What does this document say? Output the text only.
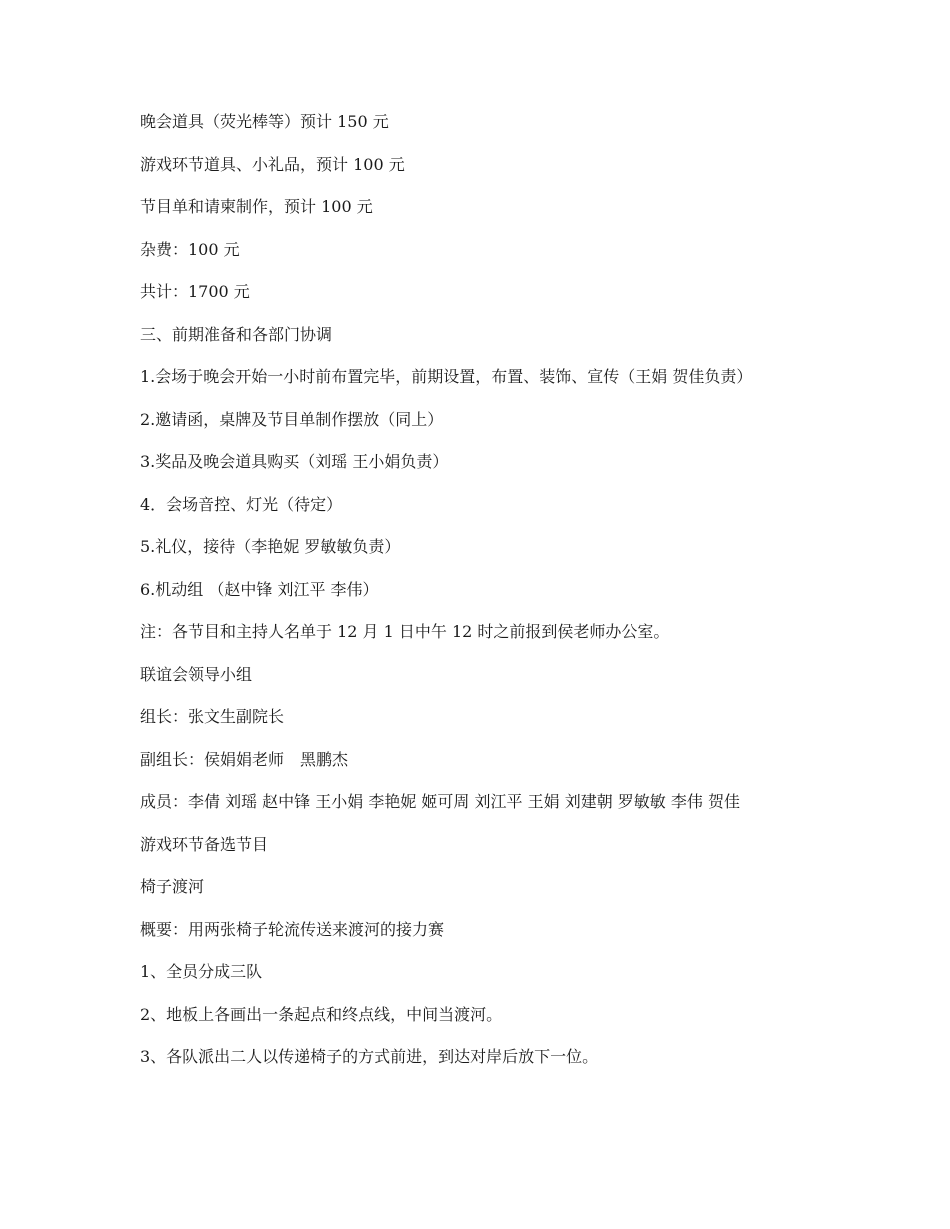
晚会道具（荧光棒等）预计 150 元

游戏环节道具、小礼品，预计 100 元

节目单和请柬制作，预计 100 元

杂费：100 元

共计：1700 元

三、前期准备和各部门协调

1.会场于晚会开始一小时前布置完毕，前期设置，布置、装饰、宣传（王娟 贺佳负责）

2.邀请函，桌牌及节目单制作摆放（同上）

3.奖品及晚会道具购买（刘瑶 王小娟负责）

4．会场音控、灯光（待定）

5.礼仪，接待（李艳妮 罗敏敏负责）

6.机动组 （赵中锋 刘江平 李伟）

注：各节目和主持人名单于 12 月 1 日中午 12 时之前报到侯老师办公室。

联谊会领导小组

组长：张文生副院长

副组长：侯娟娟老师　黑鹏杰

成员：李倩 刘瑶 赵中锋 王小娟 李艳妮 姬可周 刘江平 王娟 刘建朝 罗敏敏 李伟 贺佳

游戏环节备选节目

椅子渡河

概要：用两张椅子轮流传送来渡河的接力赛

1、全员分成三队

2、地板上各画出一条起点和终点线，中间当渡河。

3、各队派出二人以传递椅子的方式前进，到达对岸后放下一位。
